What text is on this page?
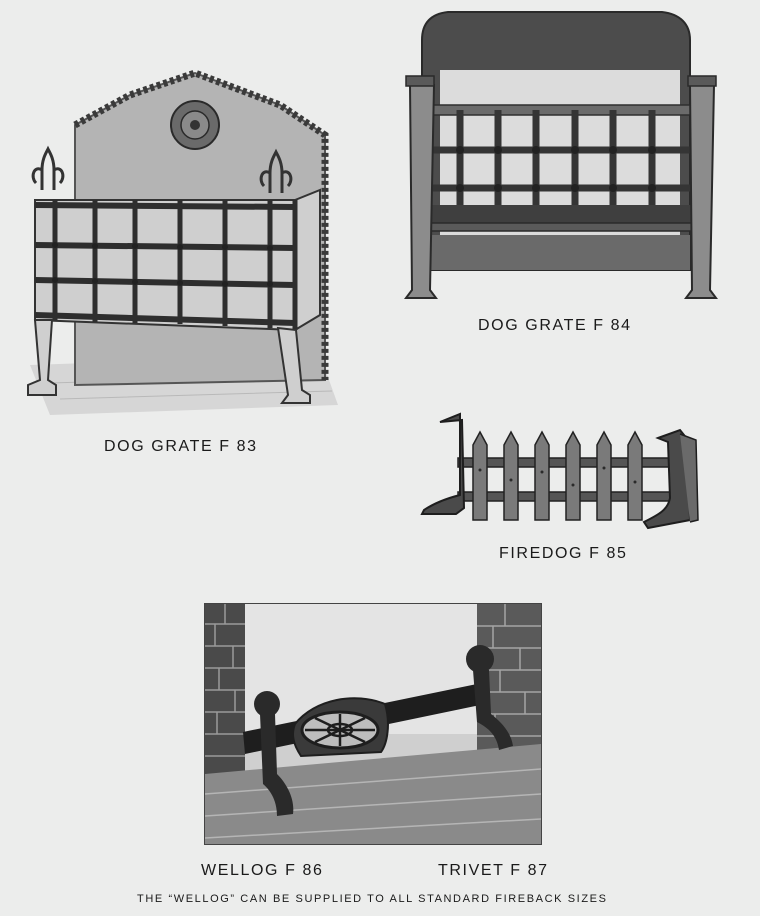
DOG GRATE F 83
DOG GRATE F 84
FIREDOG F 85
WELLOG F 86	TRIVET F 87
THE “WELLOG” CAN BE SUPPLIED TO ALL STANDARD FIREBACK SIZES
